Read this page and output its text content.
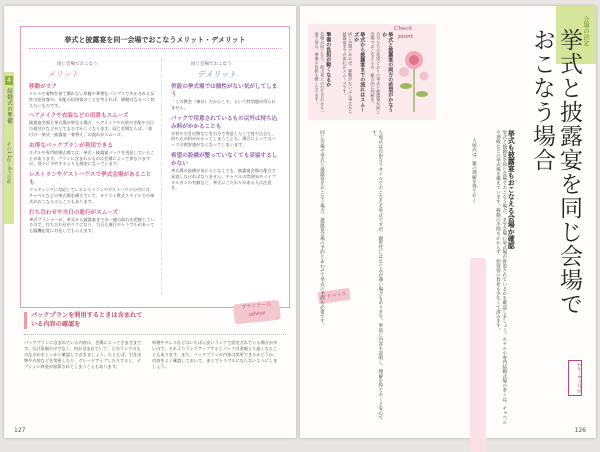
4
結婚式の準備
その1 1年〜6ヵ月前
挙式と披露宴を同一会場でおこなうメリット・デメリット
同じ会場でおこなう	同じ会場でおこなう
メリット	デメリット
移動がラク
ドレスや着物を着て慣れない草履や華奢なパンプスで歩かされる女性の招待客や、年配の招待客のことを考えれば、移動はなるべく控えたいものです。
ヘアメイクや衣装などの用意もスムーズ
披露宴会場と挙式場が異なる場合、ヘアメイクや衣装の手配や当日の着付けなどがとてもむずかしくなります。同じ会場ならば、「着付け一挙式一披露宴一着替え」の流れがスムーズ。
お得なパックプランが利用できる
ホテルや専門結婚式場では、挙式・披露宴パックを用意していることがあります。プランに含まれるものは会場によって異なりますが、別々に予約するよりも割安になっています。
レストランやゲストハウスで挙式会場があることも
ウエディングに対応しているレストランやゲストハウスの中には、チャペルなどの挙式場を備えていて、キリスト教式スタイルでの挙式がおこなえるところもあります。
打ち合わせや当日の進行がスムーズ
挙式プランナーが、挙式から披露宴までの一連の流れを把握しているので、打ち合わせがラクになり、当日も進行やトラブルがあっても臨機応変に対応してもらえます。
併設の挙式場では個性がない気がしてしまう
「この教会（神社）だからこそ」という特別感が得られません。
パックで用意されているもの以外は持ち込み料がかかることも
衣装や引き出物などを自分で用意したくて持ち込むと、持ち込み料がかかってしまうことも。場合によってはパックの割安感がなくなってしまいます。
希望の設備が整っていなくても妥協するしかない
挙式場の設備が気に入らなくても、披露宴会場の都合で妥協しなければなりません。チャペルの雰囲気やパイプオルガンの有無など、挙式にこだわりがある人は注意を。
プランナーの
advice
パックプランを利用するときは含まれている内容の確認を
パックプランに含まれている内容は、会場によってさまざまです。合計金額だけでなく、何が含まれていて、どのランクのものなのかをしっかり確認しておきましょう。たとえば、引き出物や衣装などを変更したり、グレードアップしたりすると、オプション料金が加算されてしまうこともあります。
料理やドレスなどはいちばん安いランクで設定されている場合が多いので、それよりランクアップするとパックの金額より高くなることもあります。また、パックプランの内容は変更できるかどうか、内容をよく確認しておいて、あとでトラブルにならないようにしましょう。
127
会場の決定
挙式と披露宴を同じ会場でおこなう場合
1年〜6ヵ月前
Check
point
挙式と披露宴の両方の希望がかなうか
自分たちの希望どおりの挙式と披露宴が同じ会場でおこなえるか、総合的に判断を。
挙式から披露宴までの流れはスムーズか
同じ会場であれば、移動がないぶん挙式から披露宴までの流れがスムーズです。
準備の負担が軽くなるか
会場が同じなら、担当者との打ち合わせも一度で済み、準備の負担も軽くなります。
挙式も披露宴もおこなえる会場か確認
挙式と披露宴を同じ会場でおこなう場合、まず会場に挙式場が併設されているかを確認しましょう。ホテルや専門結婚式場の多くは、チャペルや神殿などの挙式場を備えています。移動の手間もかからず、招待客の負担も少なくて済みます。
人前式は、親の理解を得ておく
アドバイス	人前式は自由なスタイルでおこなえる挙式ですが、親世代にはなじみが薄い場合もあります。事前に内容を説明し、理解を得ておくと安心です。
同じ会場で挙式と披露宴をおこなう場合、披露宴会場の予約とあわせて挙式の予約も必要です。
126
